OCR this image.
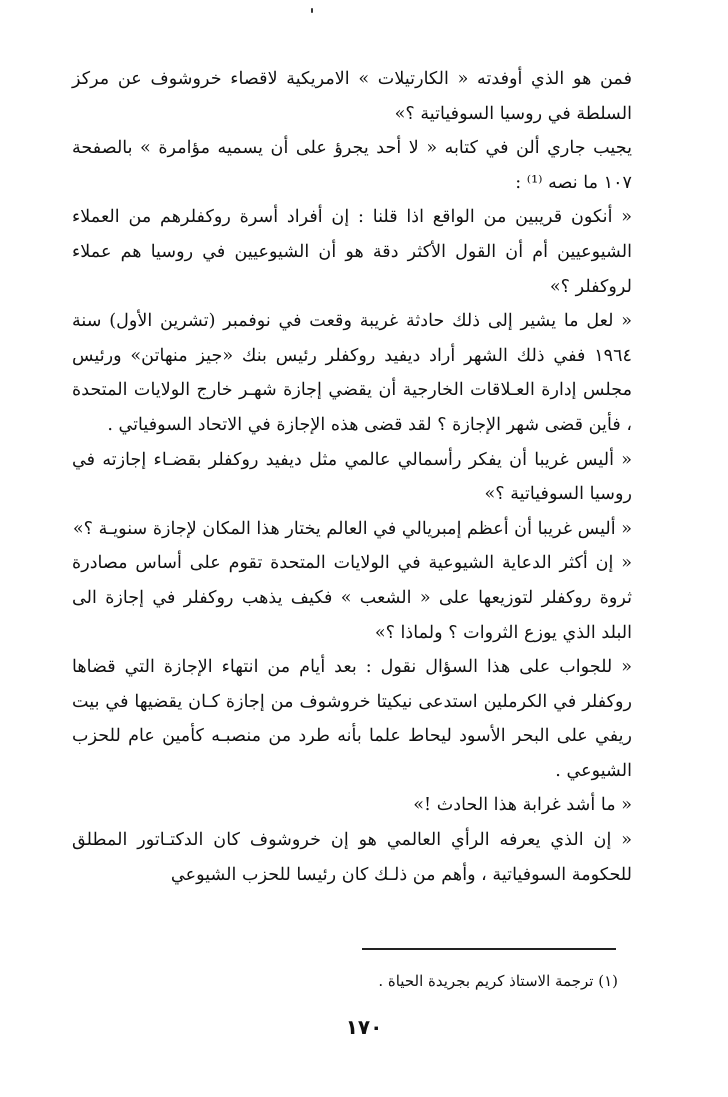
فمن هو الذي أوفدته « الكارتيلات » الامريكية لاقصاء خروشوف عن مركز السلطة في روسيا السوفياتية ؟»

يجيب جاري ألن في كتابه « لا أحد يجرؤ على أن يسميه مؤامرة » بالصفحة ١٠٧ ما نصه ⁽¹⁾ :

« أنكون قريبين من الواقع اذا قلنا : إن أفراد أسرة روكفلرهم من العملاء الشيوعيين أم أن القول الأكثر دقة هو أن الشيوعيين في روسيا هم عملاء لروكفلر ؟»

« لعل ما يشير إلى ذلك حادثة غريبة وقعت في نوفمبر (تشرين الأول) سنة ١٩٦٤ ففي ذلك الشهر أراد ديفيد روكفلر رئيس بنك «جيز منهاتن» ورئيس مجلس إدارة العـلاقات الخارجية أن يقضي إجازة شهـر خارج الولايات المتحدة ، فأين قضى شهر الإجازة ؟ لقد قضى هذه الإجازة في الاتحاد السوفياتي .

« أليس غريبا أن يفكر رأسمالي عالمي مثل ديفيد روكفلر بقضـاء إجازته في روسيا السوفياتية ؟»

« أليس غريبا أن أعظم إمبريالي في العالم يختار هذا المكان لإجازة سنويـة ؟»

« إن أكثر الدعاية الشيوعية في الولايات المتحدة تقوم على أساس مصادرة ثروة روكفلر لتوزيعها على « الشعب » فكيف يذهب روكفلر في إجازة الى البلد الذي يوزع الثروات ؟ ولماذا ؟»

« للجواب على هذا السؤال نقول : بعد أيام من انتهاء الإجازة التي قضاها روكفلر في الكرملين استدعى نيكيتا خروشوف من إجازة كـان يقضيها في بيت ريفي على البحر الأسود ليحاط علما بأنه طرد من منصبـه كأمين عام للحزب الشيوعي .

« ما أشد غرابة هذا الحادث !»

« إن الذي يعرفه الرأي العالمي هو إن خروشوف كان الدكتـاتور المطلق للحكومة السوفياتية ، وأهم من ذلـك كان رئيسا للحزب الشيوعي

(١) ترجمة الاستاذ كريم بجريدة الحياة .
١٧٠
